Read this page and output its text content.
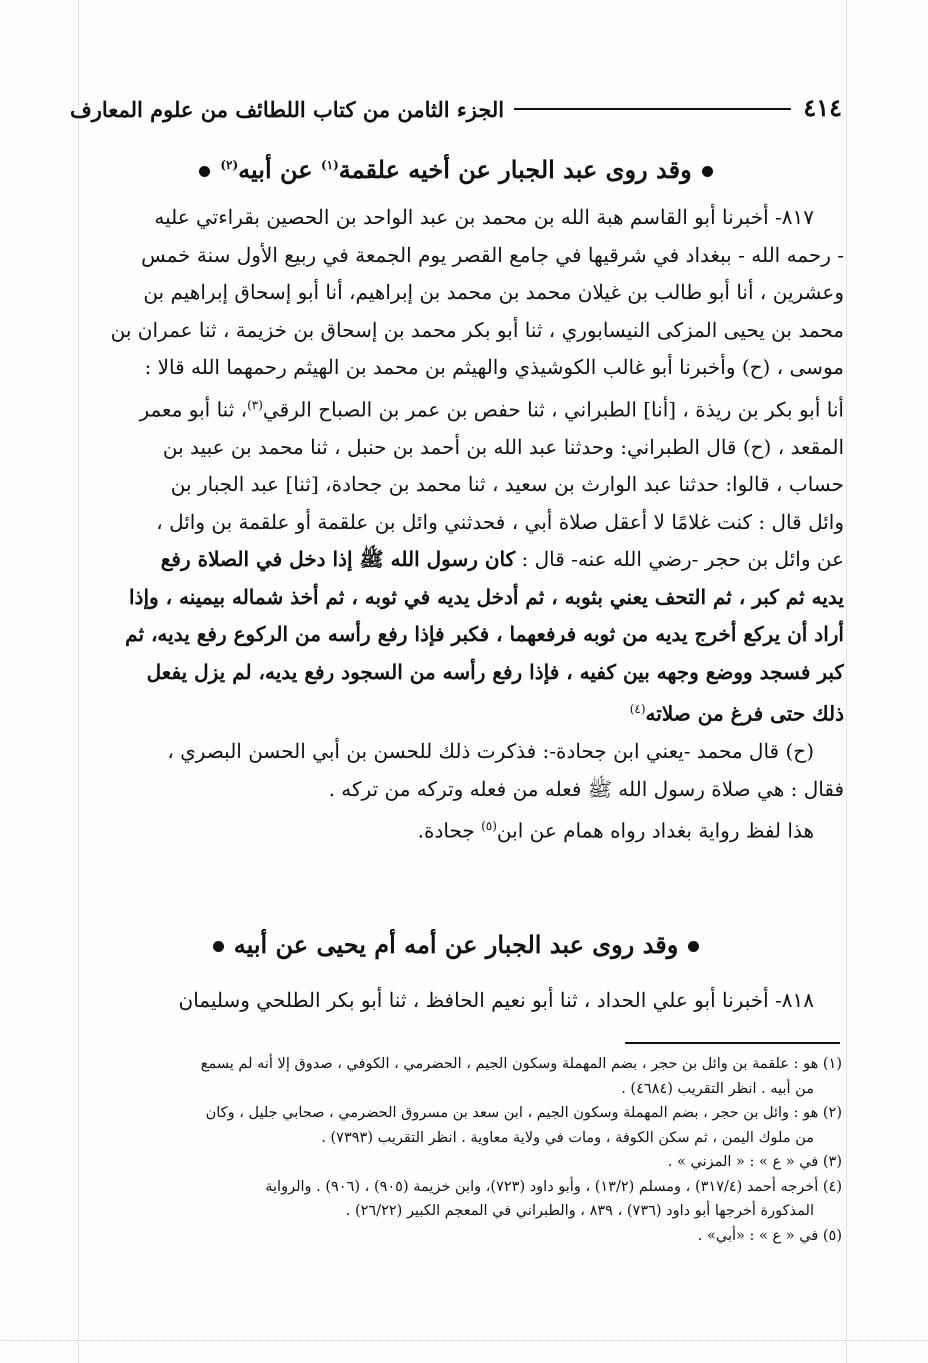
٤١٤
الجزء الثامن من كتاب اللطائف من علوم المعارف
وقد روى عبد الجبار عن أخيه علقمة$^{(١)}$ عن أبيه$^{(٢)}$
٨١٧- أخبرنا أبو القاسم هبة الله بن محمد بن عبد الواحد بن الحصين بقراءتي عليه
- رحمه الله - ببغداد في شرقيها في جامع القصر يوم الجمعة في ربيع الأول سنة خمس
وعشرين ، أنا أبو طالب بن غيلان محمد بن محمد بن إبراهيم، أنا أبو إسحاق إبراهيم بن
محمد بن يحيى المزكى النيسابوري ، ثنا أبو بكر محمد بن إسحاق بن خزيمة ، ثنا عمران بن
موسى ، (ح) وأخبرنا أبو غالب الكوشيذي والهيثم بن محمد بن الهيثم رحمهما الله قالا :
أنا أبو بكر بن ريذة ، [أنا] الطبراني ، ثنا حفص بن عمر بن الصباح الرقي$^{(٣)}$، ثنا أبو معمر
المقعد ، (ح) قال الطبراني: وحدثنا عبد الله بن أحمد بن حنبل ، ثنا محمد بن عبيد بن
حساب ، قالوا: حدثنا عبد الوارث بن سعيد ، ثنا محمد بن جحادة، [ثنا] عبد الجبار بن
وائل قال : كنت غلامًا لا أعقل صلاة أبي ، فحدثني وائل بن علقمة أو علقمة بن وائل ،
عن وائل بن حجر -رضي الله عنه- قال : كان رسول الله ﷺ إذا دخل في الصلاة رفع
يديه ثم كبر ، ثم التحف يعني بثوبه ، ثم أدخل يديه في ثوبه ، ثم أخذ شماله بيمينه ، وإذا
أراد أن يركع أخرج يديه من ثوبه فرفعهما ، فكبر فإذا رفع رأسه من الركوع رفع يديه، ثم
كبر فسجد ووضع وجهه بين كفيه ، فإذا رفع رأسه من السجود رفع يديه، لم يزل يفعل
ذلك حتى فرغ من صلاته$^{(٤)}$
(ح) قال محمد -يعني ابن جحادة-: فذكرت ذلك للحسن بن أبي الحسن البصري ،
فقال : هي صلاة رسول الله ﷺ فعله من فعله وتركه من تركه .
هذا لفظ رواية بغداد رواه همام عن ابن$^{(٥)}$ جحادة.
وقد روى عبد الجبار عن أمه أم يحيى عن أبيه
٨١٨- أخبرنا أبو علي الحداد ، ثنا أبو نعيم الحافظ ، ثنا أبو بكر الطلحي وسليمان
(١) هو : علقمة بن وائل بن حجر ، بضم المهملة وسكون الجيم ، الحضرمي ، الكوفي ، صدوق إلا أنه لم يسمع
من أبيه . انظر التقريب (٤٦٨٤) .
(٢) هو : وائل بن حجر ، بضم المهملة وسكون الجيم ، ابن سعد بن مسروق الحضرمي ، صحابي جليل ، وكان
من ملوك اليمن ، ثم سكن الكوفة ، ومات في ولاية معاوية . انظر التقريب (٧٣٩٣) .
(٣) في « ع » : « المزني » .
(٤) أخرجه أحمد (٣١٧/٤) ، ومسلم (١٣/٢) ، وأبو داود (٧٢٣)، وابن خزيمة (٩٠٥) ، (٩٠٦) . والرواية
المذكورة أخرجها أبو داود (٧٣٦) ، ٨٣٩ ، والطبراني في المعجم الكبير (٢٦/٢٢) .
(٥) في « ع » : «أبي» .
